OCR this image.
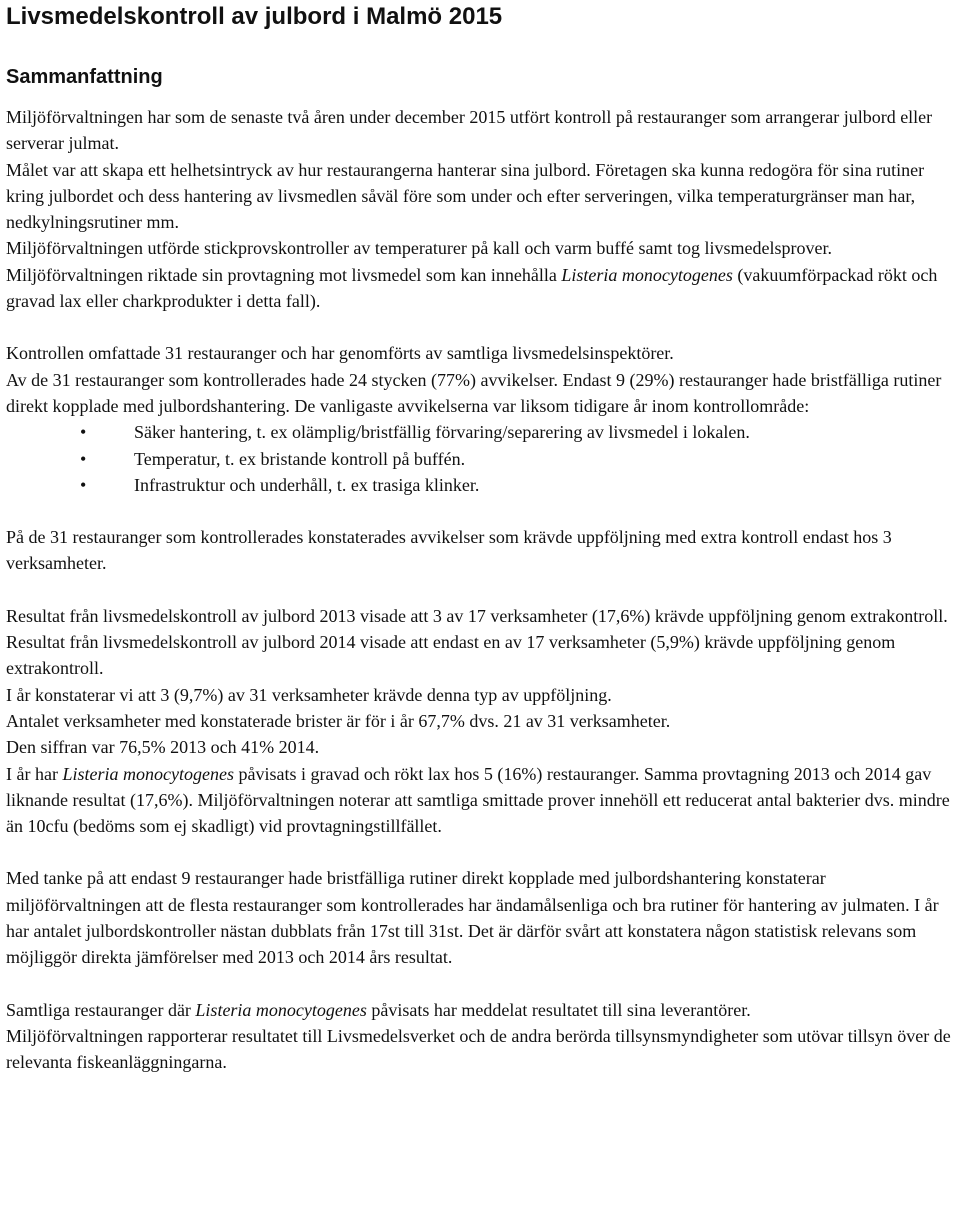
Livsmedelskontroll av julbord i Malmö 2015
Sammanfattning
Miljöförvaltningen har som de senaste två åren under december 2015 utfört kontroll på restauranger som arrangerar julbord eller serverar julmat.
Målet var att skapa ett helhetsintryck av hur restaurangerna hanterar sina julbord. Företagen ska kunna redogöra för sina rutiner kring julbordet och dess hantering av livsmedlen såväl före som under och efter serveringen, vilka temperaturgränser man har, nedkylningsrutiner mm.
Miljöförvaltningen utförde stickprovskontroller av temperaturer på kall och varm buffé samt tog livsmedelsprover. Miljöförvaltningen riktade sin provtagning mot livsmedel som kan innehålla Listeria monocytogenes (vakuumförpackad rökt och gravad lax eller charkprodukter i detta fall).
Kontrollen omfattade 31 restauranger och har genomförts av samtliga livsmedelsinspektörer.
Av de 31 restauranger som kontrollerades hade 24 stycken (77%) avvikelser. Endast 9 (29%) restauranger hade bristfälliga rutiner direkt kopplade med julbordshantering. De vanligaste avvikelserna var liksom tidigare år inom kontrollområde:
•	Säker hantering, t. ex olämplig/bristfällig förvaring/separering av livsmedel i lokalen.
•	Temperatur, t. ex bristande kontroll på buffén.
•	Infrastruktur och underhåll, t. ex trasiga klinker.
På de 31 restauranger som kontrollerades konstaterades avvikelser som krävde uppföljning med extra kontroll endast hos 3 verksamheter.
Resultat från livsmedelskontroll av julbord 2013 visade att 3 av 17 verksamheter (17,6%) krävde uppföljning genom extrakontroll. Resultat från livsmedelskontroll av julbord 2014 visade att endast en av 17 verksamheter (5,9%) krävde uppföljning genom extrakontroll.
I år konstaterar vi att 3 (9,7%) av 31 verksamheter krävde denna typ av uppföljning.
Antalet verksamheter med konstaterade brister är för i år 67,7% dvs. 21 av 31 verksamheter.
Den siffran var 76,5% 2013 och 41% 2014.
I år har Listeria monocytogenes påvisats i gravad och rökt lax hos 5 (16%) restauranger. Samma provtagning 2013 och 2014 gav liknande resultat (17,6%). Miljöförvaltningen noterar att samtliga smittade prover innehöll ett reducerat antal bakterier dvs. mindre än 10cfu (bedöms som ej skadligt) vid provtagningstillfället.
Med tanke på att endast 9 restauranger hade bristfälliga rutiner direkt kopplade med julbordshantering konstaterar miljöförvaltningen att de flesta restauranger som kontrollerades har ändamålsenliga och bra rutiner för hantering av julmaten. I år har antalet julbordskontroller nästan dubblats från 17st till 31st. Det är därför svårt att konstatera någon statistisk relevans som möjliggör direkta jämförelser med 2013 och 2014 års resultat.
Samtliga restauranger där Listeria monocytogenes påvisats har meddelat resultatet till sina leverantörer.
Miljöförvaltningen rapporterar resultatet till Livsmedelsverket och de andra berörda tillsynsmyndigheter som utövar tillsyn över de relevanta fiskeanläggningarna.
